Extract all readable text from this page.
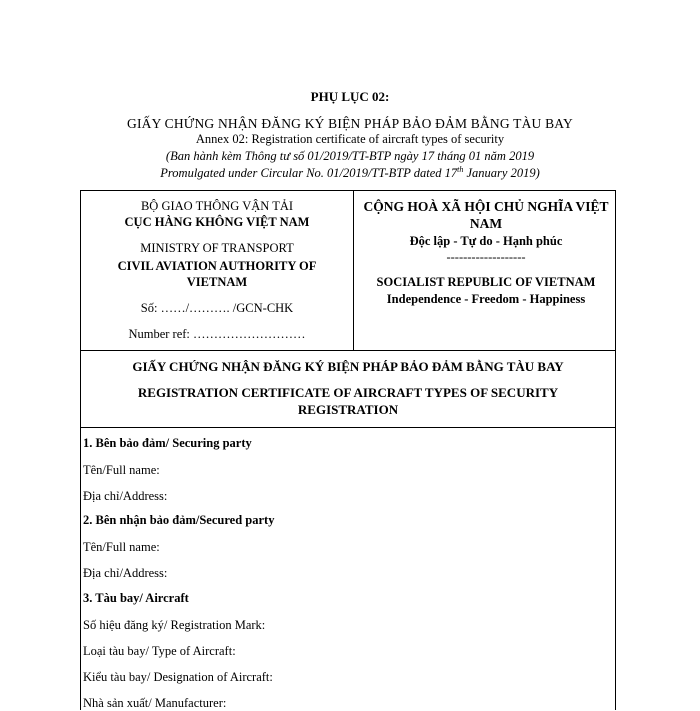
PHỤ LỤC 02:
GIẤY CHỨNG NHẬN ĐĂNG KÝ BIỆN PHÁP BẢO ĐẢM BẰNG TÀU BAY
Annex 02: Registration certificate of aircraft types of security
(Ban hành kèm Thông tư số 01/2019/TT-BTP ngày 17 tháng 01 năm 2019
Promulgated under Circular No. 01/2019/TT-BTP dated 17th January 2019)
BỘ GIAO THÔNG VẬN TẢI
CỤC HÀNG KHÔNG VIỆT NAM
MINISTRY OF TRANSPORT
CIVIL AVIATION AUTHORITY OF
VIETNAM
Số: ……/………. /GCN-CHK
Number ref: ………………………
CỘNG HOÀ XÃ HỘI CHỦ NGHĨA VIỆT
NAM
Độc lập - Tự do - Hạnh phúc
-------------------
SOCIALIST REPUBLIC OF VIETNAM
Independence - Freedom - Happiness
GIẤY CHỨNG NHẬN ĐĂNG KÝ BIỆN PHÁP BẢO ĐẢM BẰNG TÀU BAY
REGISTRATION CERTIFICATE OF AIRCRAFT TYPES OF SECURITY
REGISTRATION
1. Bên bảo đảm/ Securing party
Tên/Full name:
Địa chỉ/Address:
2. Bên nhận bảo đảm/Secured party
Tên/Full name:
Địa chỉ/Address:
3. Tàu bay/ Aircraft
Số hiệu đăng ký/ Registration Mark:
Loại tàu bay/ Type of Aircraft:
Kiểu tàu bay/ Designation of Aircraft:
Nhà sản xuất/ Manufacturer:
